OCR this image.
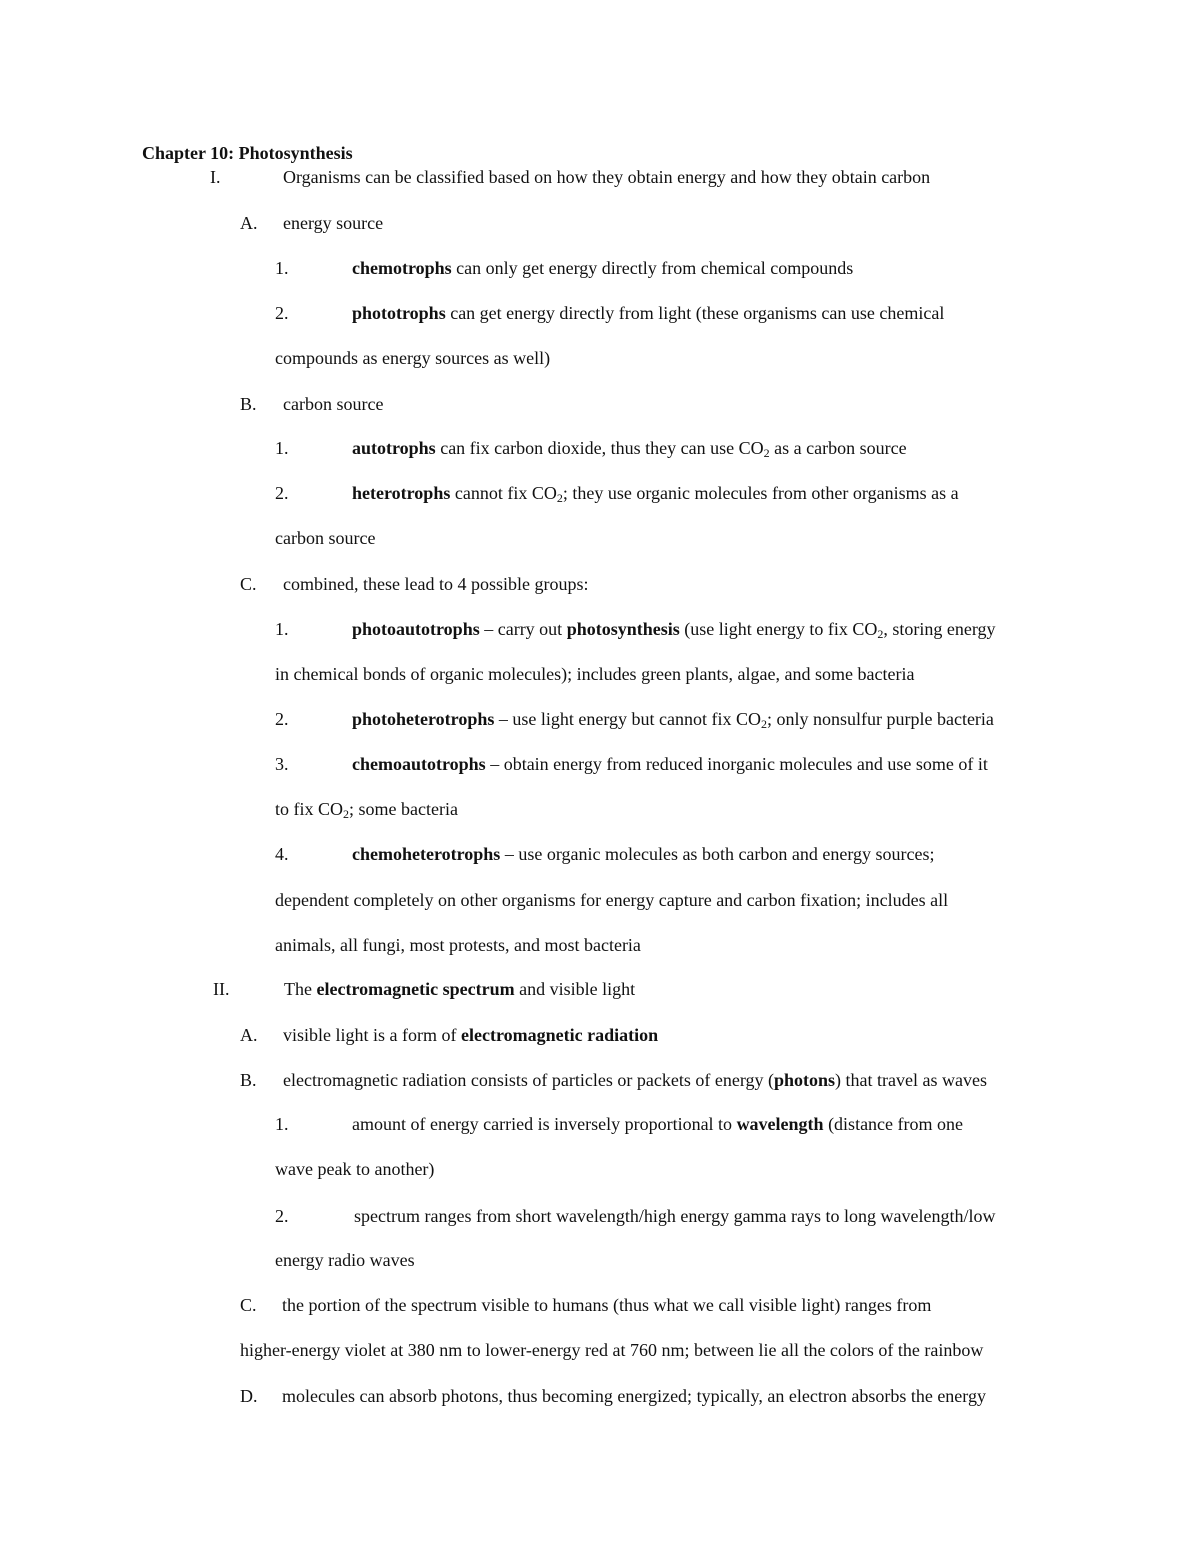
Chapter 10: Photosynthesis
I.	Organisms can be classified based on how they obtain energy and how they obtain carbon
A. energy source
1.	chemotrophs can only get energy directly from chemical compounds
2.	phototrophs can get energy directly from light (these organisms can use chemical
compounds as energy sources as well)
B. carbon source
1.	autotrophs can fix carbon dioxide, thus they can use $CO_2$ as a carbon source
2.	heterotrophs cannot fix $CO_2$; they use organic molecules from other organisms as a
carbon source
C. combined, these lead to 4 possible groups:
1.	photoautotrophs – carry out photosynthesis (use light energy to fix $CO_2$, storing energy
in chemical bonds of organic molecules); includes green plants, algae, and some bacteria
2.	photoheterotrophs – use light energy but cannot fix $CO_2$; only nonsulfur purple bacteria
3.	chemoautotrophs – obtain energy from reduced inorganic molecules and use some of it
to fix $CO_2$; some bacteria
4.	chemoheterotrophs – use organic molecules as both carbon and energy sources;
dependent completely on other organisms for energy capture and carbon fixation; includes all
animals, all fungi, most protests, and most bacteria
II.	The electromagnetic spectrum and visible light
A. visible light is a form of electromagnetic radiation
B. electromagnetic radiation consists of particles or packets of energy (photons) that travel as waves
1.	amount of energy carried is inversely proportional to wavelength (distance from one
wave peak to another)
2.	spectrum ranges from short wavelength/high energy gamma rays to long wavelength/low
energy radio waves
C. the portion of the spectrum visible to humans (thus what we call visible light) ranges from
higher-energy violet at 380 nm to lower-energy red at 760 nm; between lie all the colors of the rainbow
D. molecules can absorb photons, thus becoming energized; typically, an electron absorbs the energy
